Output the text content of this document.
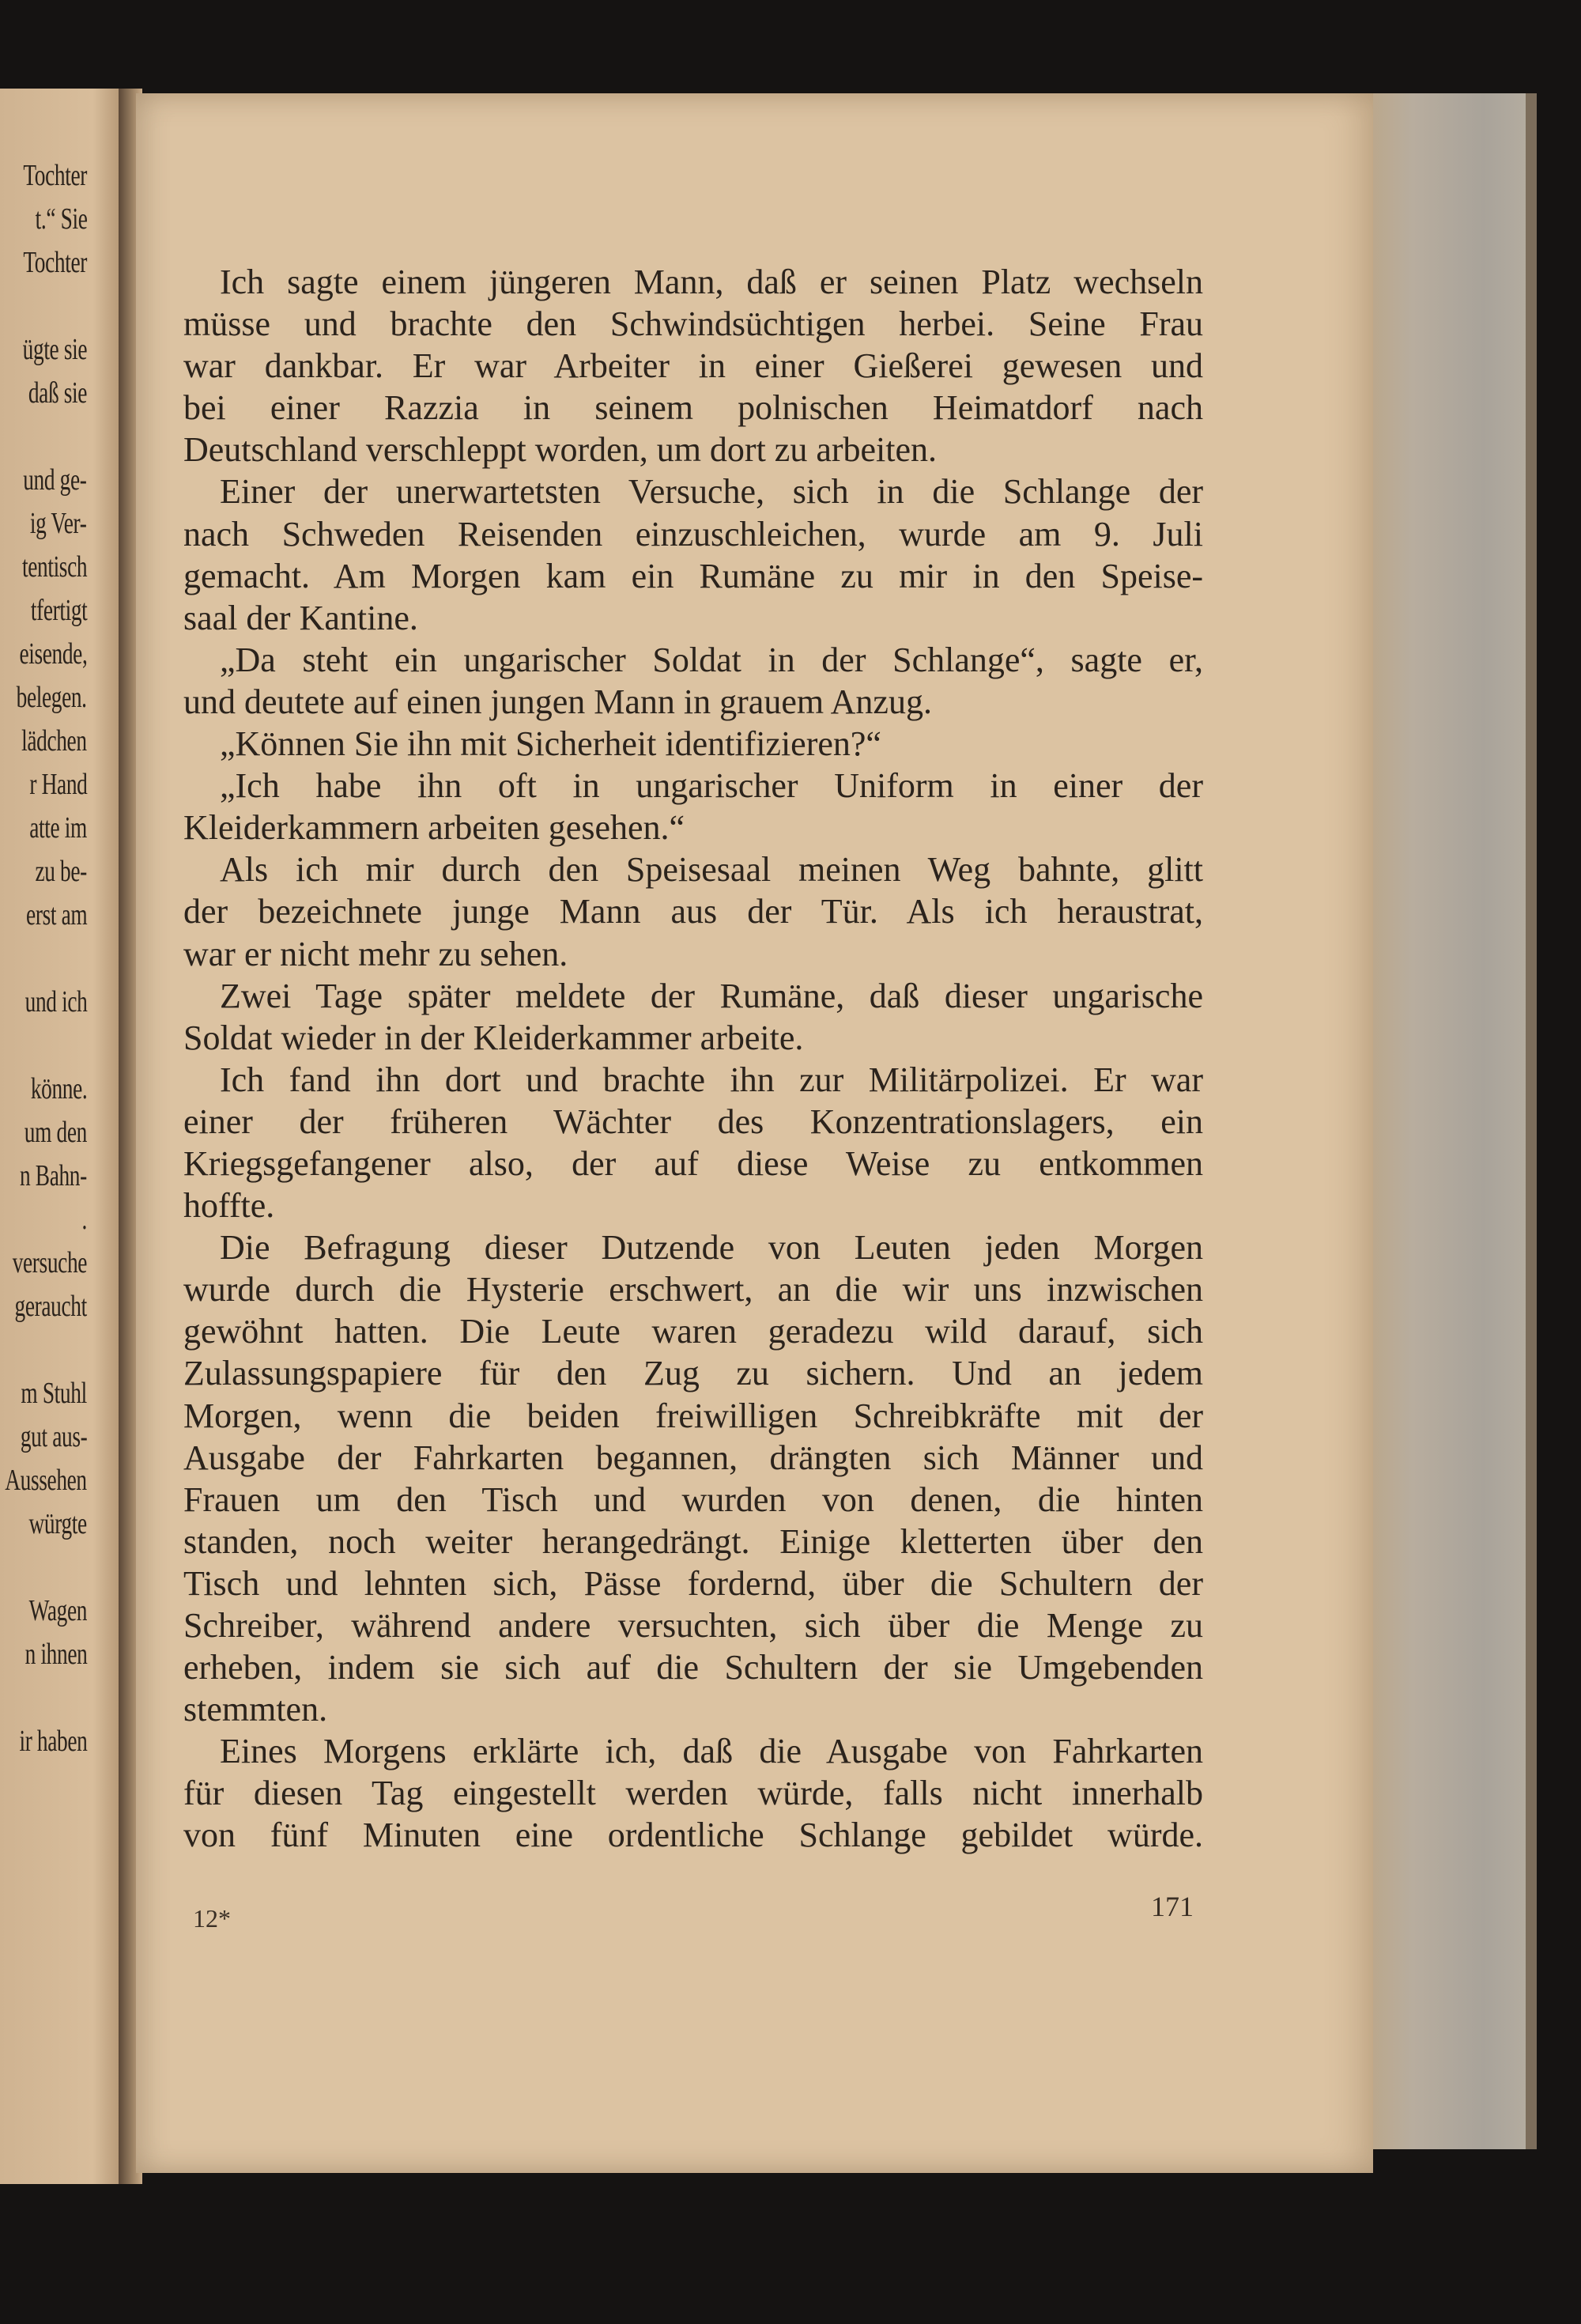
Tochter
t.“ Sie
Tochter
ügte sie
daß sie
und ge-
ig Ver-
tentisch
tfertigt
eisende,
belegen.
lädchen
r Hand
atte im
zu be-
erst am
und ich
könne.
um den
n Bahn-
.
versuche
geraucht
m Stuhl
gut aus-
Aussehen
würgte
Wagen
n ihnen
ir haben
Ich sagte einem jüngeren Mann, daß er seinen Platz wechseln
müsse und brachte den Schwindsüchtigen herbei. Seine Frau
war dankbar. Er war Arbeiter in einer Gießerei gewesen und
bei einer Razzia in seinem polnischen Heimatdorf nach
Deutschland verschleppt worden, um dort zu arbeiten.
Einer der unerwartetsten Versuche, sich in die Schlange der
nach Schweden Reisenden einzuschleichen, wurde am 9. Juli
gemacht. Am Morgen kam ein Rumäne zu mir in den Speise-
saal der Kantine.
„Da steht ein ungarischer Soldat in der Schlange“, sagte er,
und deutete auf einen jungen Mann in grauem Anzug.
„Können Sie ihn mit Sicherheit identifizieren?“
„Ich habe ihn oft in ungarischer Uniform in einer der
Kleiderkammern arbeiten gesehen.“
Als ich mir durch den Speisesaal meinen Weg bahnte, glitt
der bezeichnete junge Mann aus der Tür. Als ich heraustrat,
war er nicht mehr zu sehen.
Zwei Tage später meldete der Rumäne, daß dieser ungarische
Soldat wieder in der Kleiderkammer arbeite.
Ich fand ihn dort und brachte ihn zur Militärpolizei. Er war
einer der früheren Wächter des Konzentrationslagers, ein
Kriegsgefangener also, der auf diese Weise zu entkommen
hoffte.
Die Befragung dieser Dutzende von Leuten jeden Morgen
wurde durch die Hysterie erschwert, an die wir uns inzwischen
gewöhnt hatten. Die Leute waren geradezu wild darauf, sich
Zulassungspapiere für den Zug zu sichern. Und an jedem
Morgen, wenn die beiden freiwilligen Schreibkräfte mit der
Ausgabe der Fahrkarten begannen, drängten sich Männer und
Frauen um den Tisch und wurden von denen, die hinten
standen, noch weiter herangedrängt. Einige kletterten über den
Tisch und lehnten sich, Pässe fordernd, über die Schultern der
Schreiber, während andere versuchten, sich über die Menge zu
erheben, indem sie sich auf die Schultern der sie Umgebenden
stemmten.
Eines Morgens erklärte ich, daß die Ausgabe von Fahrkarten
für diesen Tag eingestellt werden würde, falls nicht innerhalb
von fünf Minuten eine ordentliche Schlange gebildet würde.
12*	171
